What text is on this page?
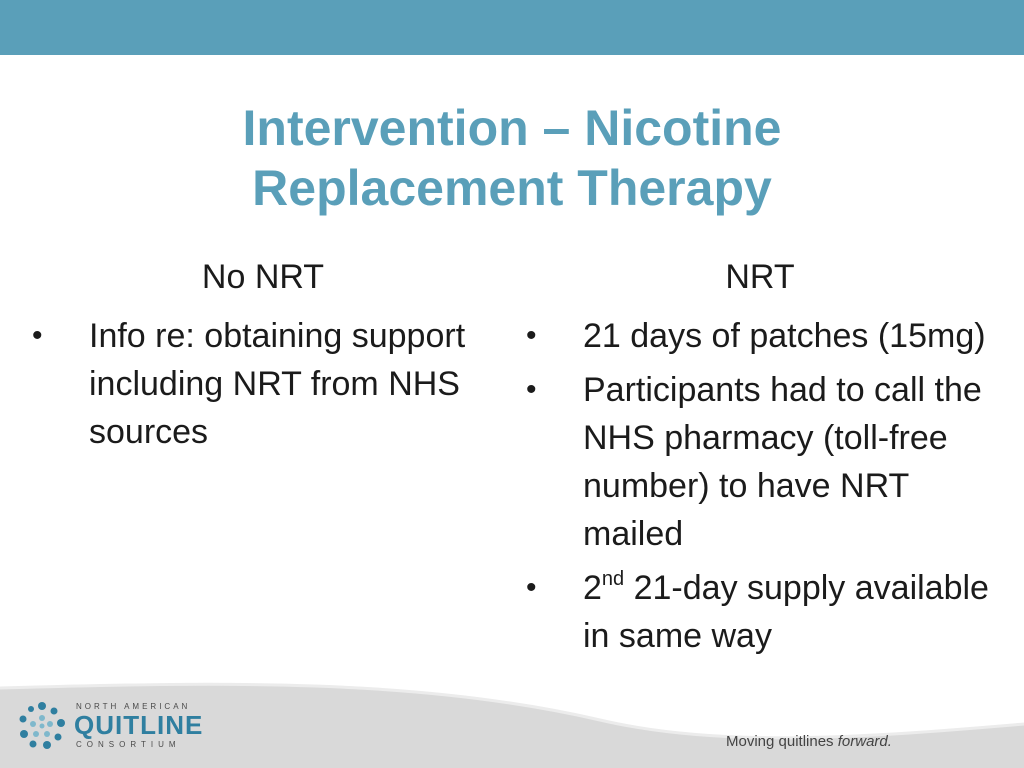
Intervention – Nicotine
Replacement Therapy

No NRT

• Info re: obtaining support including NRT from NHS sources

NRT

• 21 days of patches (15mg)
• Participants had to call the NHS pharmacy (toll-free number) to have NRT mailed
• 2nd 21-day supply available in same way
NORTH AMERICAN
QUITLINE
CONSORTIUM	Moving quitlines forward.
